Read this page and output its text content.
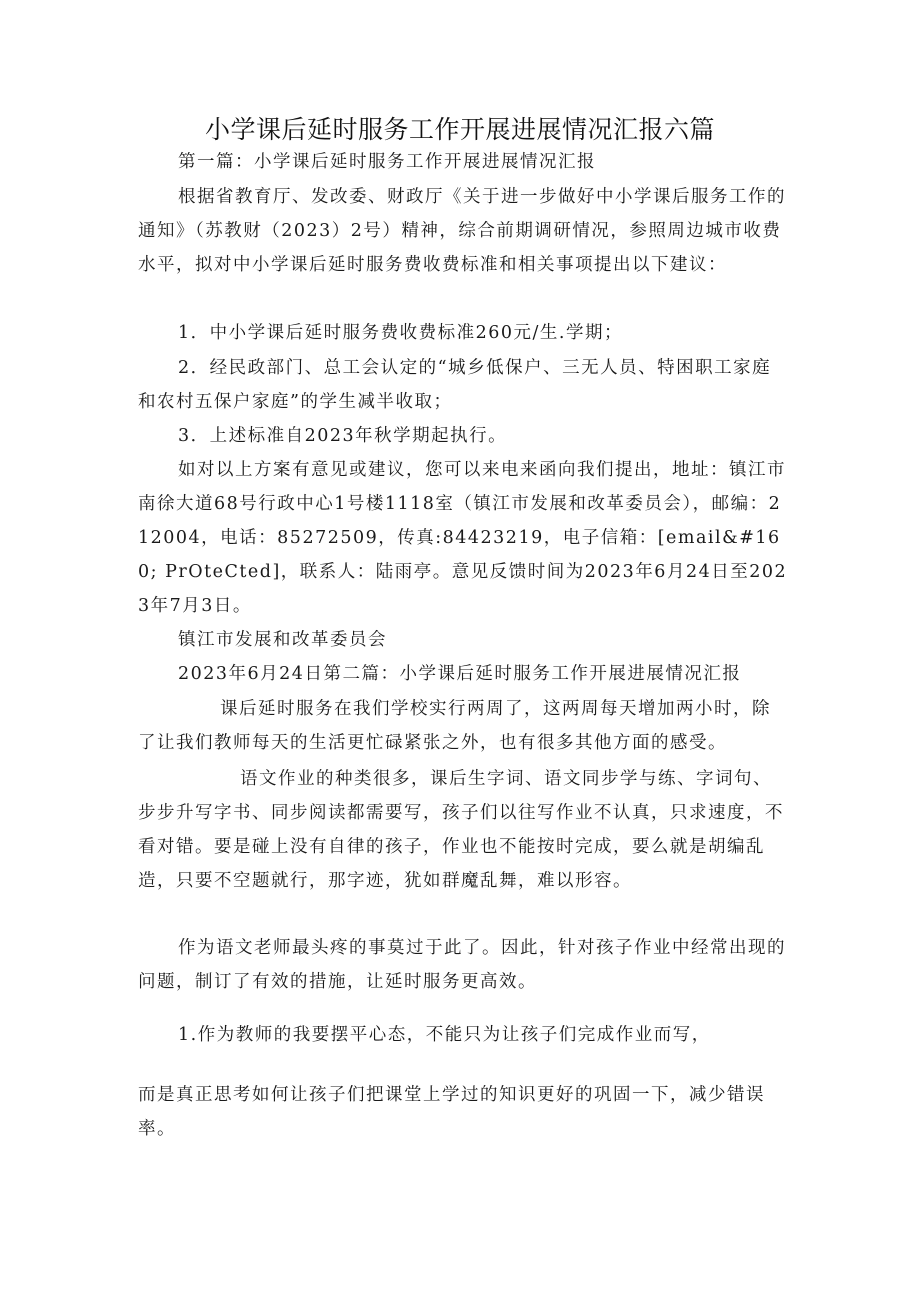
小学课后延时服务工作开展进展情况汇报六篇
第一篇：小学课后延时服务工作开展进展情况汇报
根据省教育厅、发改委、财政厅《关于进一步做好中小学课后服务工作的通知》（苏教财（2023）2号）精神，综合前期调研情况，参照周边城市收费水平，拟对中小学课后延时服务费收费标准和相关事项提出以下建议：
1．中小学课后延时服务费收费标准260元/生.学期；
2．经民政部门、总工会认定的“城乡低保户、三无人员、特困职工家庭和农村五保户家庭”的学生减半收取；
3．上述标准自2023年秋学期起执行。
如对以上方案有意见或建议，您可以来电来函向我们提出，地址：镇江市南徐大道68号行政中心1号楼1118室（镇江市发展和改革委员会），邮编：212004，电话：85272509，传真:84423219，电子信箱：[email&#160; PrOteCted]，联系人：陆雨亭。意见反馈时间为2023年6月24日至2023年7月3日。
镇江市发展和改革委员会
2023年6月24日第二篇：小学课后延时服务工作开展进展情况汇报
课后延时服务在我们学校实行两周了，这两周每天增加两小时，除了让我们教师每天的生活更忙碌紧张之外，也有很多其他方面的感受。
语文作业的种类很多，课后生字词、语文同步学与练、字词句、步步升写字书、同步阅读都需要写，孩子们以往写作业不认真，只求速度，不看对错。要是碰上没有自律的孩子，作业也不能按时完成，要么就是胡编乱造，只要不空题就行，那字迹，犹如群魔乱舞，难以形容。
作为语文老师最头疼的事莫过于此了。因此，针对孩子作业中经常出现的问题，制订了有效的措施，让延时服务更高效。
1.作为教师的我要摆平心态，不能只为让孩子们完成作业而写，
而是真正思考如何让孩子们把课堂上学过的知识更好的巩固一下，减少错误率。
